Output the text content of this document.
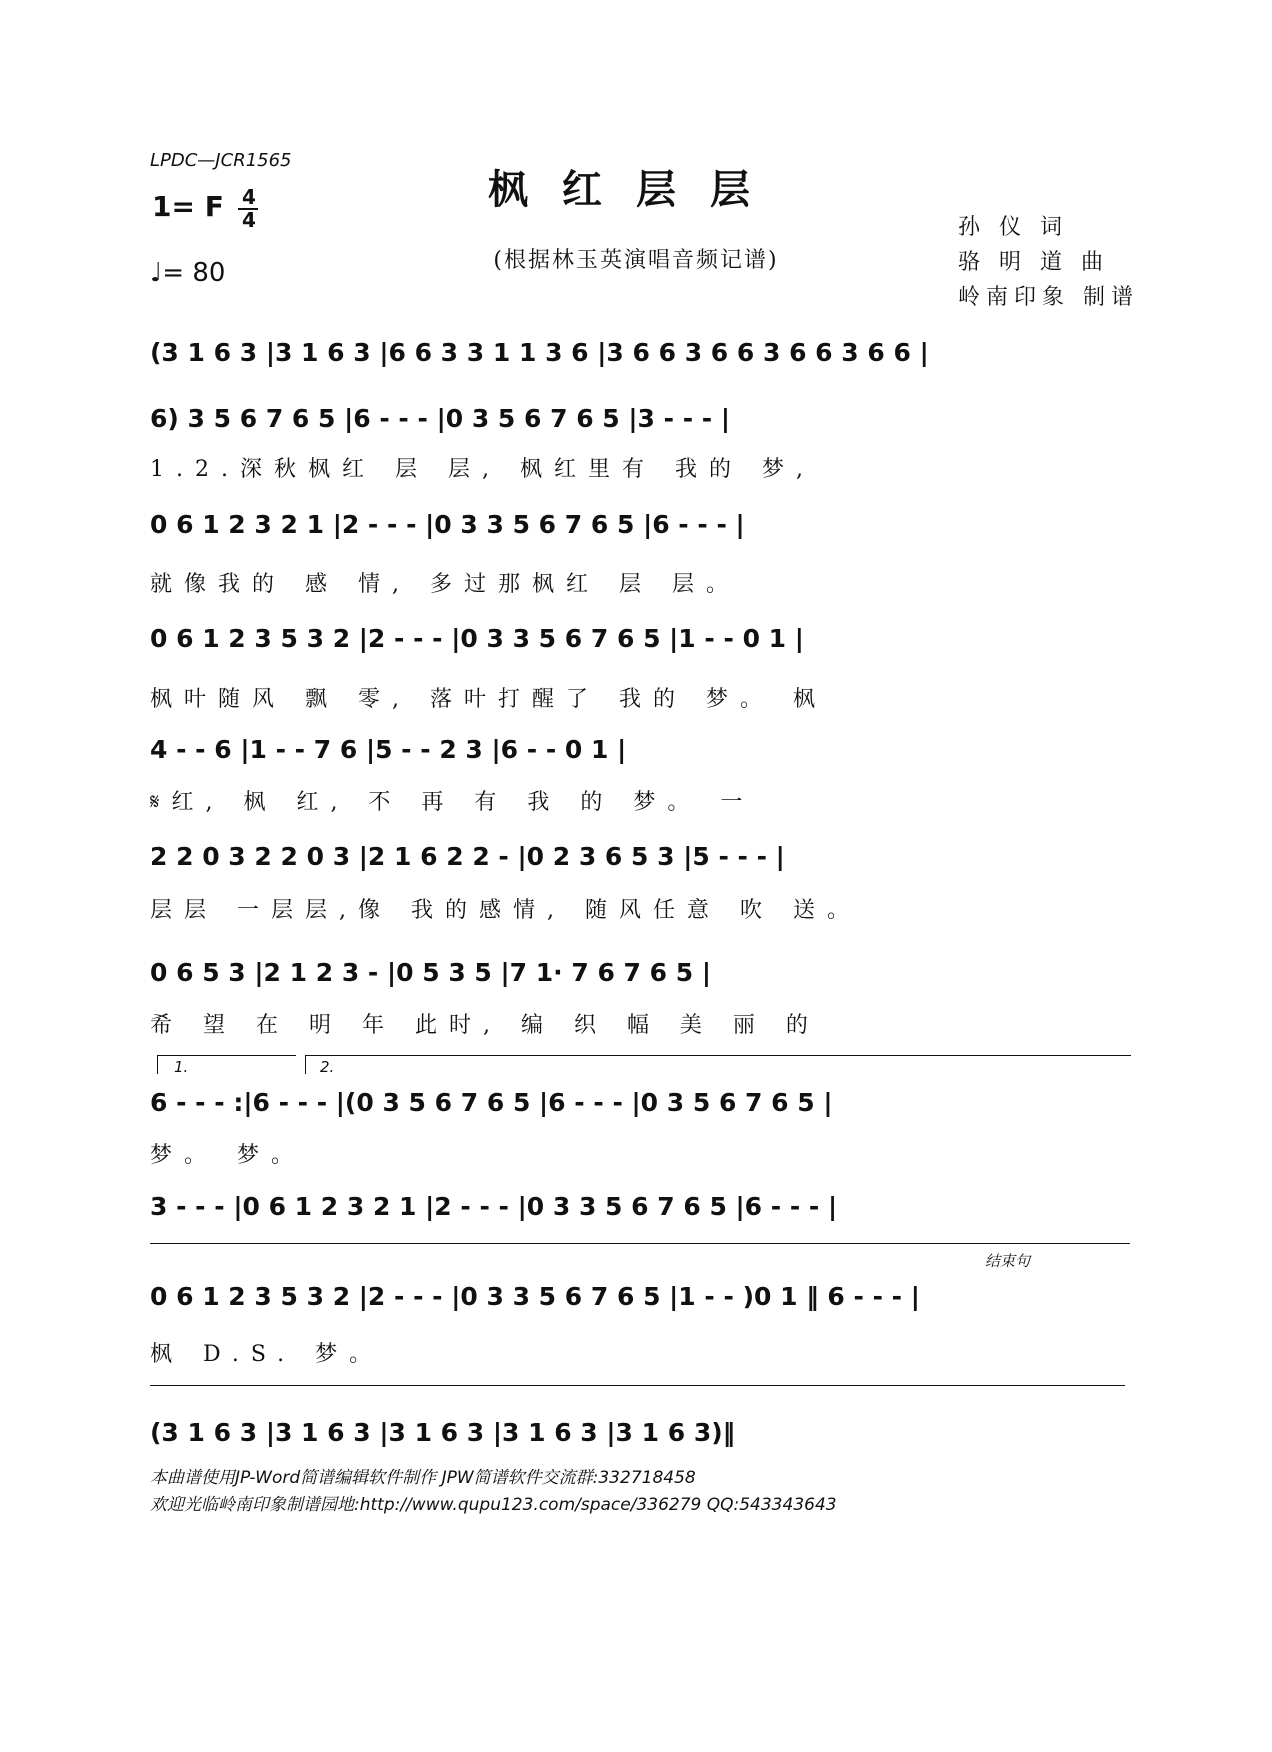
LPDC—JCR1565
1= F 4
4
♩= 80
枫红层层
(根据林玉英演唱音频记谱)
孙 仪 词
骆 明 道 曲
岭南印象 制谱
(3 1 6 3 |3 1 6 3 |6 6 3 3 1 1 3 6 |3 6 6 3 6 6 3 6 6 3 6 6 |
6) 3 5 6 7 6 5 |6 - - - |0 3 5 6 7 6 5 |3 - - - |
1.2.深秋枫红 层 层, 枫红里有 我的 梦,
0 6 1 2 3 2 1 |2 - - - |0 3 3 5 6 7 6 5 |6 - - - |
就像我的 感 情, 多过那枫红 层 层。
0 6 1 2 3 5 3 2 |2 - - - |0 3 3 5 6 7 6 5 |1 - - 0 1 |
枫叶随风 飘 零, 落叶打醒了 我的 梦。 枫
4 - - 6 |1 - - 7 6 |5 - - 2 3 |6 - - 0 1 |
𝄋红, 枫 红, 不 再 有 我 的 梦。 一
2 2 0 3 2 2 0 3 |2 1 6 2 2 - |0 2 3 6 5 3 |5 - - - |
层层 一层层,像 我的感情, 随风任意 吹 送。
0 6 5 3 |2 1 2 3 - |0 5 3 5 |7 1· 7 6 7 6 5 |
希 望 在 明 年 此时, 编 织 幅 美 丽 的
1.	2.
6 - - - :|6 - - - |(0 3 5 6 7 6 5 |6 - - - |0 3 5 6 7 6 5 |
梦。 梦。
3 - - - |0 6 1 2 3 2 1 |2 - - - |0 3 3 5 6 7 6 5 |6 - - - |
结束句
0 6 1 2 3 5 3 2 |2 - - - |0 3 3 5 6 7 6 5 |1 - - )0 1 ‖ 6 - - - |
枫 D.S. 梦。
(3 1 6 3 |3 1 6 3 |3 1 6 3 |3 1 6 3 |3 1 6 3)‖
本曲谱使用JP-Word简谱编辑软件制作 JPW简谱软件交流群:332718458
欢迎光临岭南印象制谱园地:http://www.qupu123.com/space/336279 QQ:543343643
